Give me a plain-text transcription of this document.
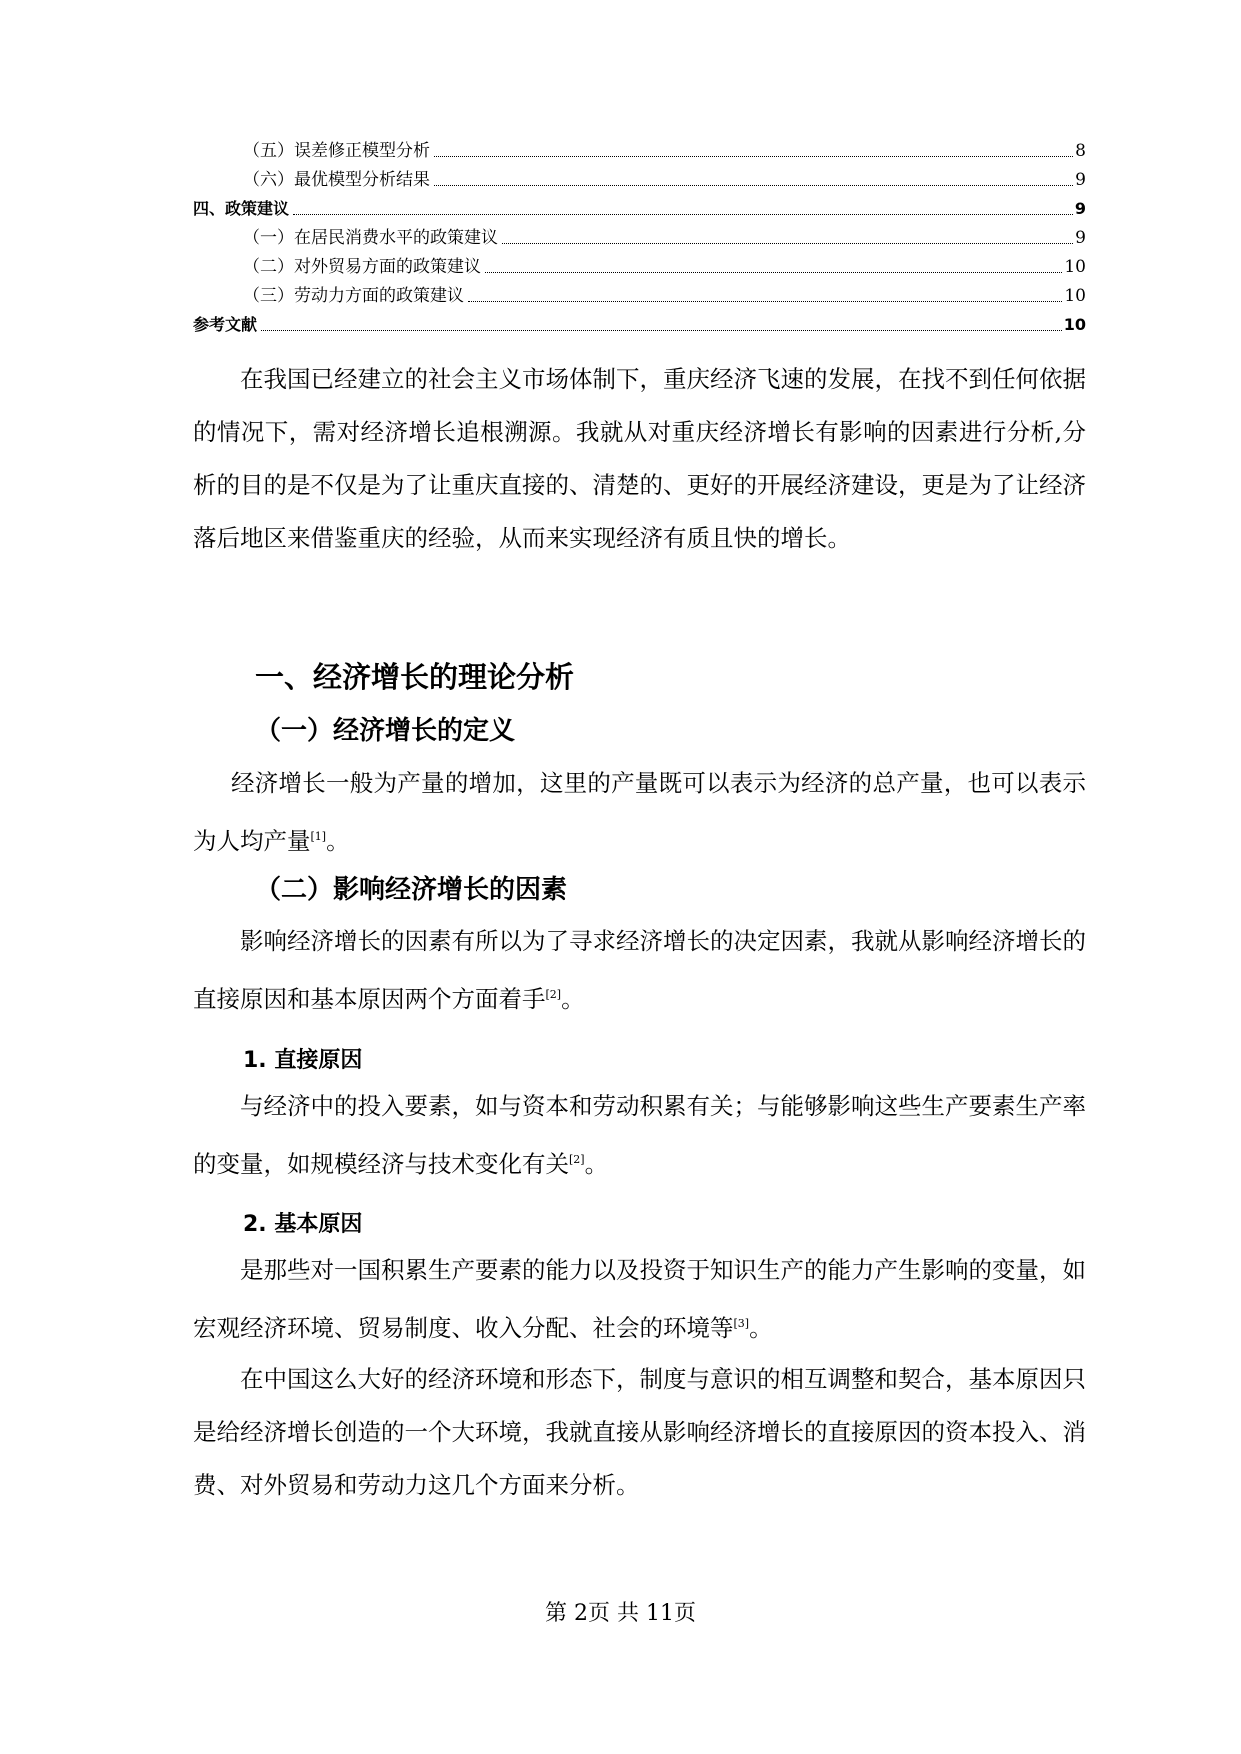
（五）误差修正模型分析	8
（六）最优模型分析结果	9
四、政策建议	9
（一）在居民消费水平的政策建议	9
（二）对外贸易方面的政策建议	10
（三）劳动力方面的政策建议	10
参考文献	10

在我国已经建立的社会主义市场体制下，重庆经济飞速的发展，在找不到任何依据的情况下，需对经济增长追根溯源。我就从对重庆经济增长有影响的因素进行分析,分析的目的是不仅是为了让重庆直接的、清楚的、更好的开展经济建设，更是为了让经济落后地区来借鉴重庆的经验，从而来实现经济有质且快的增长。

一、经济增长的理论分析
（一）经济增长的定义

经济增长一般为产量的增加，这里的产量既可以表示为经济的总产量，也可以表示为人均产量[1]。

（二）影响经济增长的因素

影响经济增长的因素有所以为了寻求经济增长的决定因素，我就从影响经济增长的直接原因和基本原因两个方面着手[2]。

1. 直接原因

与经济中的投入要素，如与资本和劳动积累有关；与能够影响这些生产要素生产率的变量，如规模经济与技术变化有关[2]。

2. 基本原因

是那些对一国积累生产要素的能力以及投资于知识生产的能力产生影响的变量，如宏观经济环境、贸易制度、收入分配、社会的环境等[3]。

在中国这么大好的经济环境和形态下，制度与意识的相互调整和契合，基本原因只是给经济增长创造的一个大环境，我就直接从影响经济增长的直接原因的资本投入、消费、对外贸易和劳动力这几个方面来分析。

第 2页 共 11页
